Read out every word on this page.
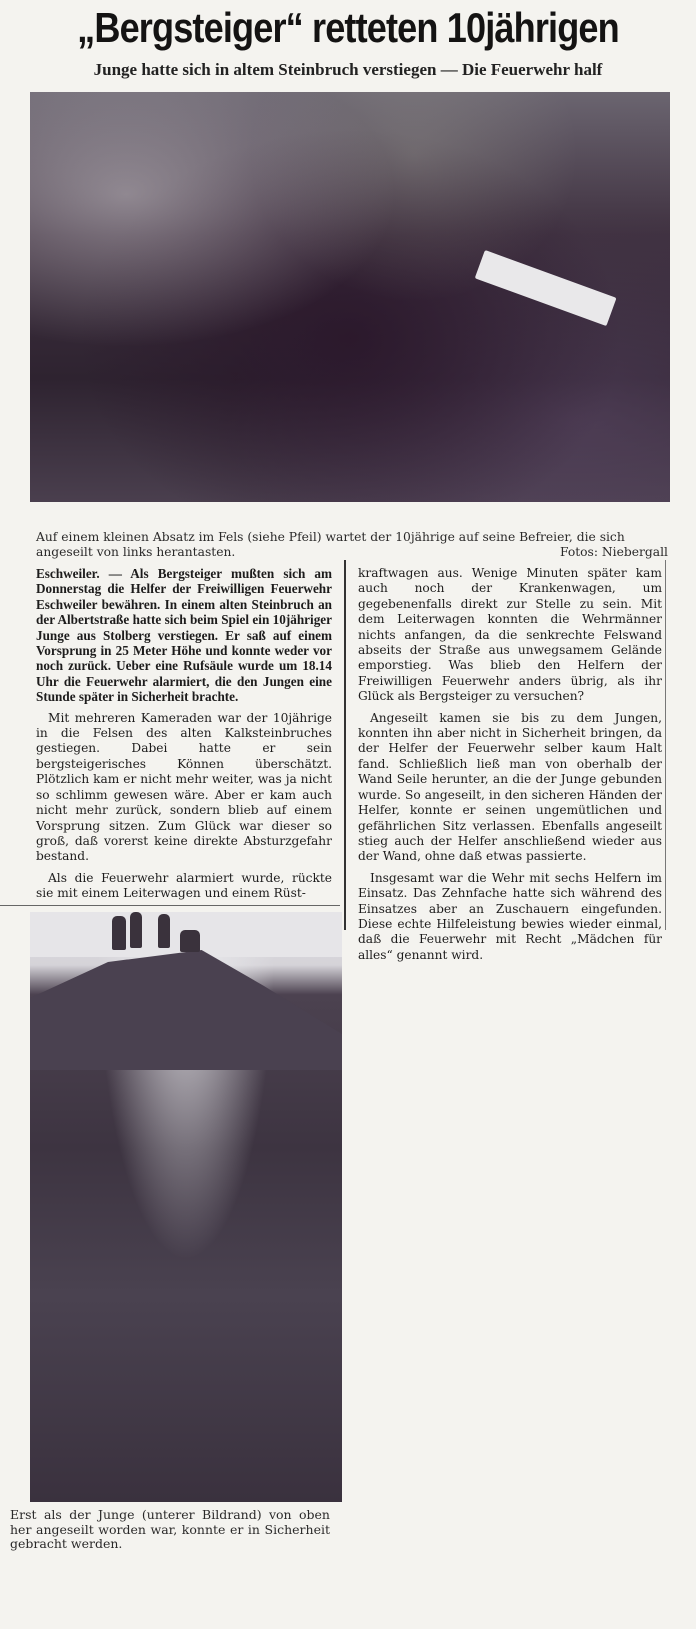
„Bergsteiger“ retteten 10jährigen
Junge hatte sich in altem Steinbruch verstiegen — Die Feuerwehr half
Auf einem kleinen Absatz im Fels (siehe Pfeil) wartet der 10jährige auf seine Befreier, die sich angeseilt von links herantasten.	Fotos: Niebergall

Eschweiler. — Als Bergsteiger mußten sich am Donnerstag die Helfer der Freiwilligen Feuerwehr Eschweiler bewähren. In einem alten Steinbruch an der Albertstraße hatte sich beim Spiel ein 10jähriger Junge aus Stolberg verstiegen. Er saß auf einem Vorsprung in 25 Meter Höhe und konnte weder vor noch zurück. Ueber eine Rufsäule wurde um 18.14 Uhr die Feuerwehr alarmiert, die den Jungen eine Stunde später in Sicherheit brachte.

Mit mehreren Kameraden war der 10jährige in die Felsen des alten Kalksteinbruches gestiegen. Dabei hatte er sein bergsteigerisches Können überschätzt. Plötzlich kam er nicht mehr weiter, was ja nicht so schlimm gewesen wäre. Aber er kam auch nicht mehr zurück, sondern blieb auf einem Vorsprung sitzen. Zum Glück war dieser so groß, daß vorerst keine direkte Absturzgefahr bestand.

Als die Feuerwehr alarmiert wurde, rückte sie mit einem Leiterwagen und einem Rüst-

kraftwagen aus. Wenige Minuten später kam auch noch der Krankenwagen, um gegebenenfalls direkt zur Stelle zu sein. Mit dem Leiterwagen konnten die Wehrmänner nichts anfangen, da die senkrechte Felswand abseits der Straße aus unwegsamem Gelände emporstieg. Was blieb den Helfern der Freiwilligen Feuerwehr anders übrig, als ihr Glück als Bergsteiger zu versuchen?

Angeseilt kamen sie bis zu dem Jungen, konnten ihn aber nicht in Sicherheit bringen, da der Helfer der Feuerwehr selber kaum Halt fand. Schließlich ließ man von oberhalb der Wand Seile herunter, an die der Junge gebunden wurde. So angeseilt, in den sicheren Händen der Helfer, konnte er seinen ungemütlichen und gefährlichen Sitz verlassen. Ebenfalls angeseilt stieg auch der Helfer anschließend wieder aus der Wand, ohne daß etwas passierte.

Insgesamt war die Wehr mit sechs Helfern im Einsatz. Das Zehnfache hatte sich während des Einsatzes aber an Zuschauern eingefunden. Diese echte Hilfeleistung bewies wieder einmal, daß die Feuerwehr mit Recht „Mädchen für alles“ genannt wird.

Erst als der Junge (unterer Bildrand) von oben her angeseilt worden war, konnte er in Sicherheit gebracht werden.
